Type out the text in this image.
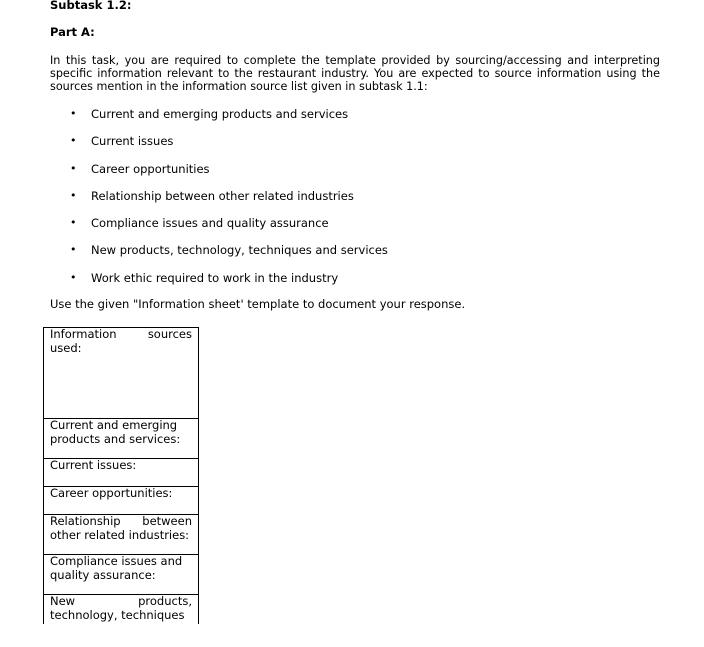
Subtask 1.2:

Part A:

In this task, you are required to complete the template provided by sourcing/accessing and interpreting specific information relevant to the restaurant industry. You are expected to source information using the sources mention in the information source list given in subtask 1.1:

• Current and emerging products and services
• Current issues
• Career opportunities
• Relationship between other related industries
• Compliance issues and quality assurance
• New products, technology, techniques and services
• Work ethic required to work in the industry

Use the given "Information sheet' template to document your response.

Information	sources
used:

Current and emerging
products and services:

Current issues:

Career opportunities:

Relationship between
other related industries:

Compliance issues and
quality assurance:

New	products,
technology, techniques
